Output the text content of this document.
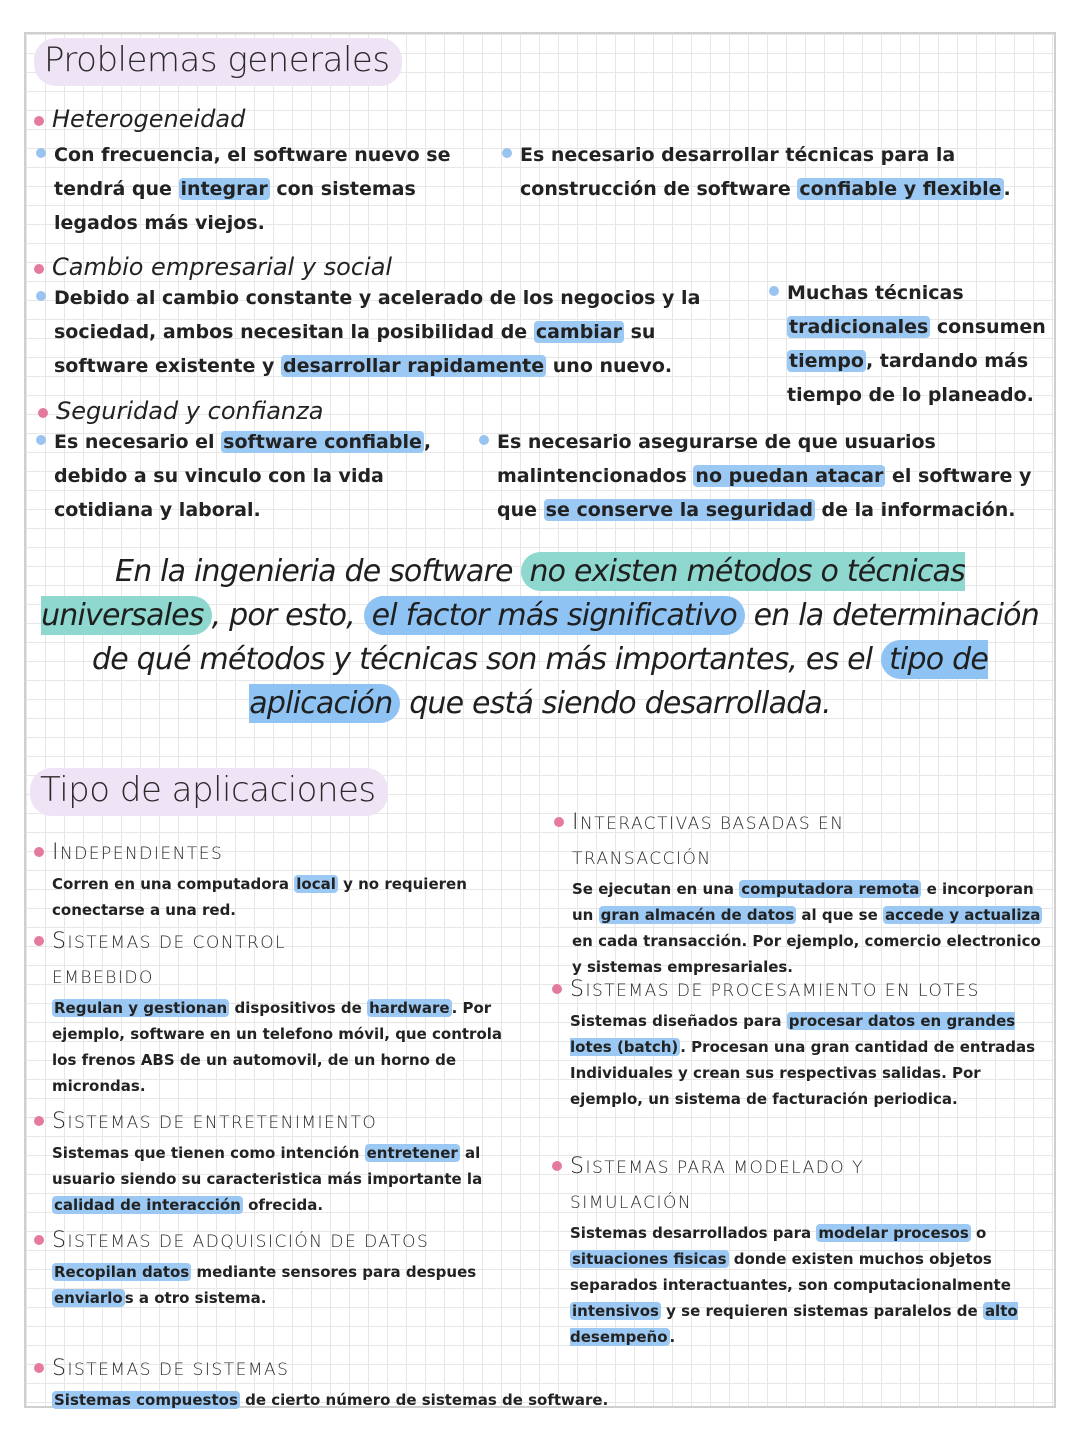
Problemas generales
Heterogeneidad
Con frecuencia, el software nuevo se tendrá que integrar con sistemas legados más viejos.
Es necesario desarrollar técnicas para la construcción de software confiable y flexible .
Cambio empresarial y social
Debido al cambio constante y acelerado de los negocios y la sociedad, ambos necesitan la posibilidad de cambiar su software existente y desarrollar rapidamente uno nuevo.
Muchas técnicas tradicionales consumen tiempo , tardando más tiempo de lo planeado.
Seguridad y confianza
Es necesario el software confiable , debido a su vinculo con la vida cotidiana y laboral.
Es necesario asegurarse de que usuarios malintencionados no puedan atacar el software y que se conserve la seguridad de la información.
En la ingenieria de software no existen métodos o técnicas universales , por esto, el factor más significativo en la determinación de qué métodos y técnicas son más importantes, es el tipo de aplicación que está siendo desarrollada.
Tipo de aplicaciones
INDEPENDIENTES
Corren en una computadora local y no requieren conectarse a una red.
SISTEMAS DE CONTROL EMBEBIDO
Regulan y gestionan dispositivos de hardware . Por ejemplo, software en un telefono móvil, que controla los frenos ABS de un automovil, de un horno de microndas.
SISTEMAS DE ENTRETENIMIENTO
Sistemas que tienen como intención entretener al usuario siendo su caracteristica más importante la calidad de interacción ofrecida.
SISTEMAS DE ADQUISICIÓN DE DATOS
Recopilan datos mediante sensores para despues enviarlo s a otro sistema.
SISTEMAS DE SISTEMAS
Sistemas compuestos de cierto número de sistemas de software.
INTERACTIVAS BASADAS EN TRANSACCIÓN
Se ejecutan en una computadora remota e incorporan un gran almacén de datos al que se accede y actualiza en cada transacción. Por ejemplo, comercio electronico y sistemas empresariales.
SISTEMAS DE PROCESAMIENTO EN LOTES
Sistemas diseñados para procesar datos en grandes lotes (batch) . Procesan una gran cantidad de entradas Individuales y crean sus respectivas salidas. Por ejemplo, un sistema de facturación periodica.
SISTEMAS PARA MODELADO Y SIMULACIÓN
Sistemas desarrollados para modelar procesos o situaciones fisicas donde existen muchos objetos separados interactuantes, son computacionalmente intensivos y se requieren sistemas paralelos de alto desempeño .
